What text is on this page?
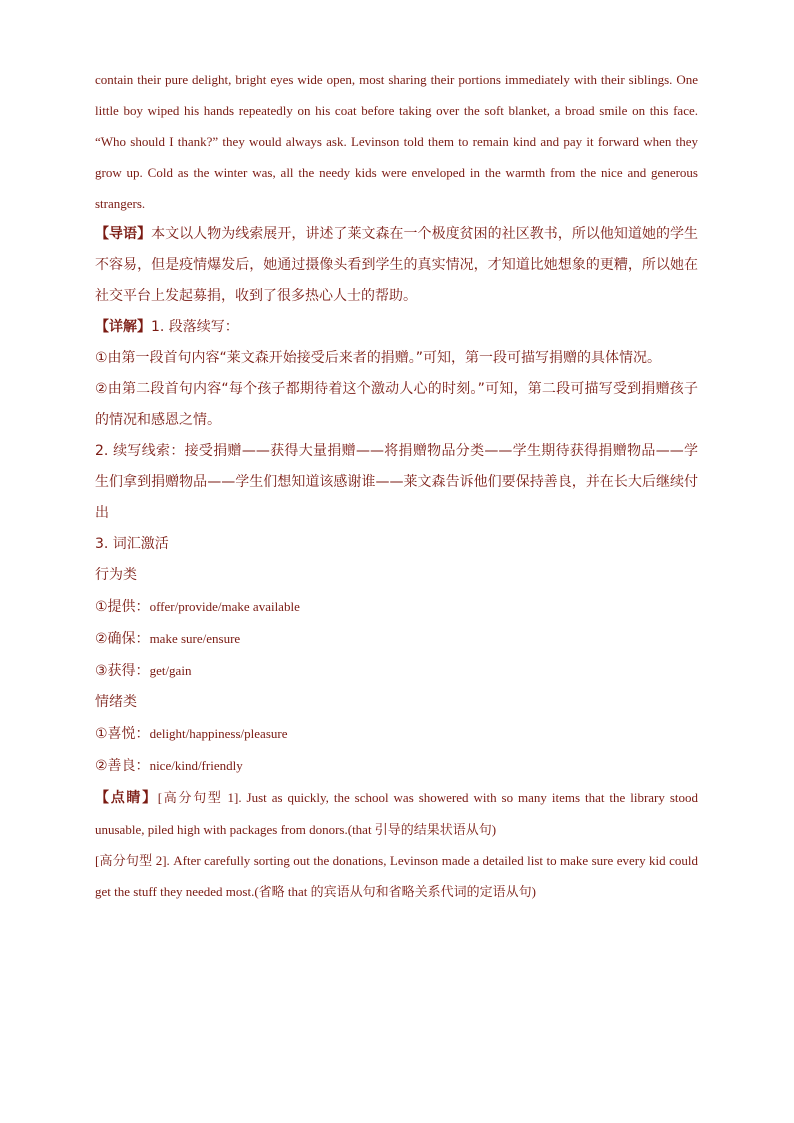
contain their pure delight, bright eyes wide open, most sharing their portions immediately with their siblings. One little boy wiped his hands repeatedly on his coat before taking over the soft blanket, a broad smile on this face. “Who should I thank?” they would always ask. Levinson told them to remain kind and pay it forward when they grow up. Cold as the winter was, all the needy kids were enveloped in the warmth from the nice and generous strangers.

【导语】本文以人物为线索展开，讲述了莱文森在一个极度贫困的社区教书，所以他知道她的学生不容易，但是疫情爆发后，她通过摄像头看到学生的真实情况，才知道比她想象的更糟，所以她在社交平台上发起募捐，收到了很多热心人士的帮助。

【详解】1. 段落续写：

①由第一段首句内容“莱文森开始接受后来者的捐赠。”可知，第一段可描写捐赠的具体情况。

②由第二段首句内容“每个孩子都期待着这个激动人心的时刻。”可知，第二段可描写受到捐赠孩子的情况和感恩之情。

2. 续写线索：接受捐赠——获得大量捐赠——将捐赠物品分类——学生期待获得捐赠物品——学生们拿到捐赠物品——学生们想知道该感谢谁——莱文森告诉他们要保持善良，并在长大后继续付出

3. 词汇激活

行为类

①提供：offer/provide/make available

②确保：make sure/ensure

③获得：get/gain

情绪类

①喜悦：delight/happiness/pleasure

②善良：nice/kind/friendly

【点睛】[高分句型 1]. Just as quickly, the school was showered with so many items that the library stood unusable, piled high with packages from donors.(that 引导的结果状语从句)

[高分句型 2]. After carefully sorting out the donations, Levinson made a detailed list to make sure every kid could get the stuff they needed most.(省略 that 的宾语从句和省略关系代词的定语从句)
